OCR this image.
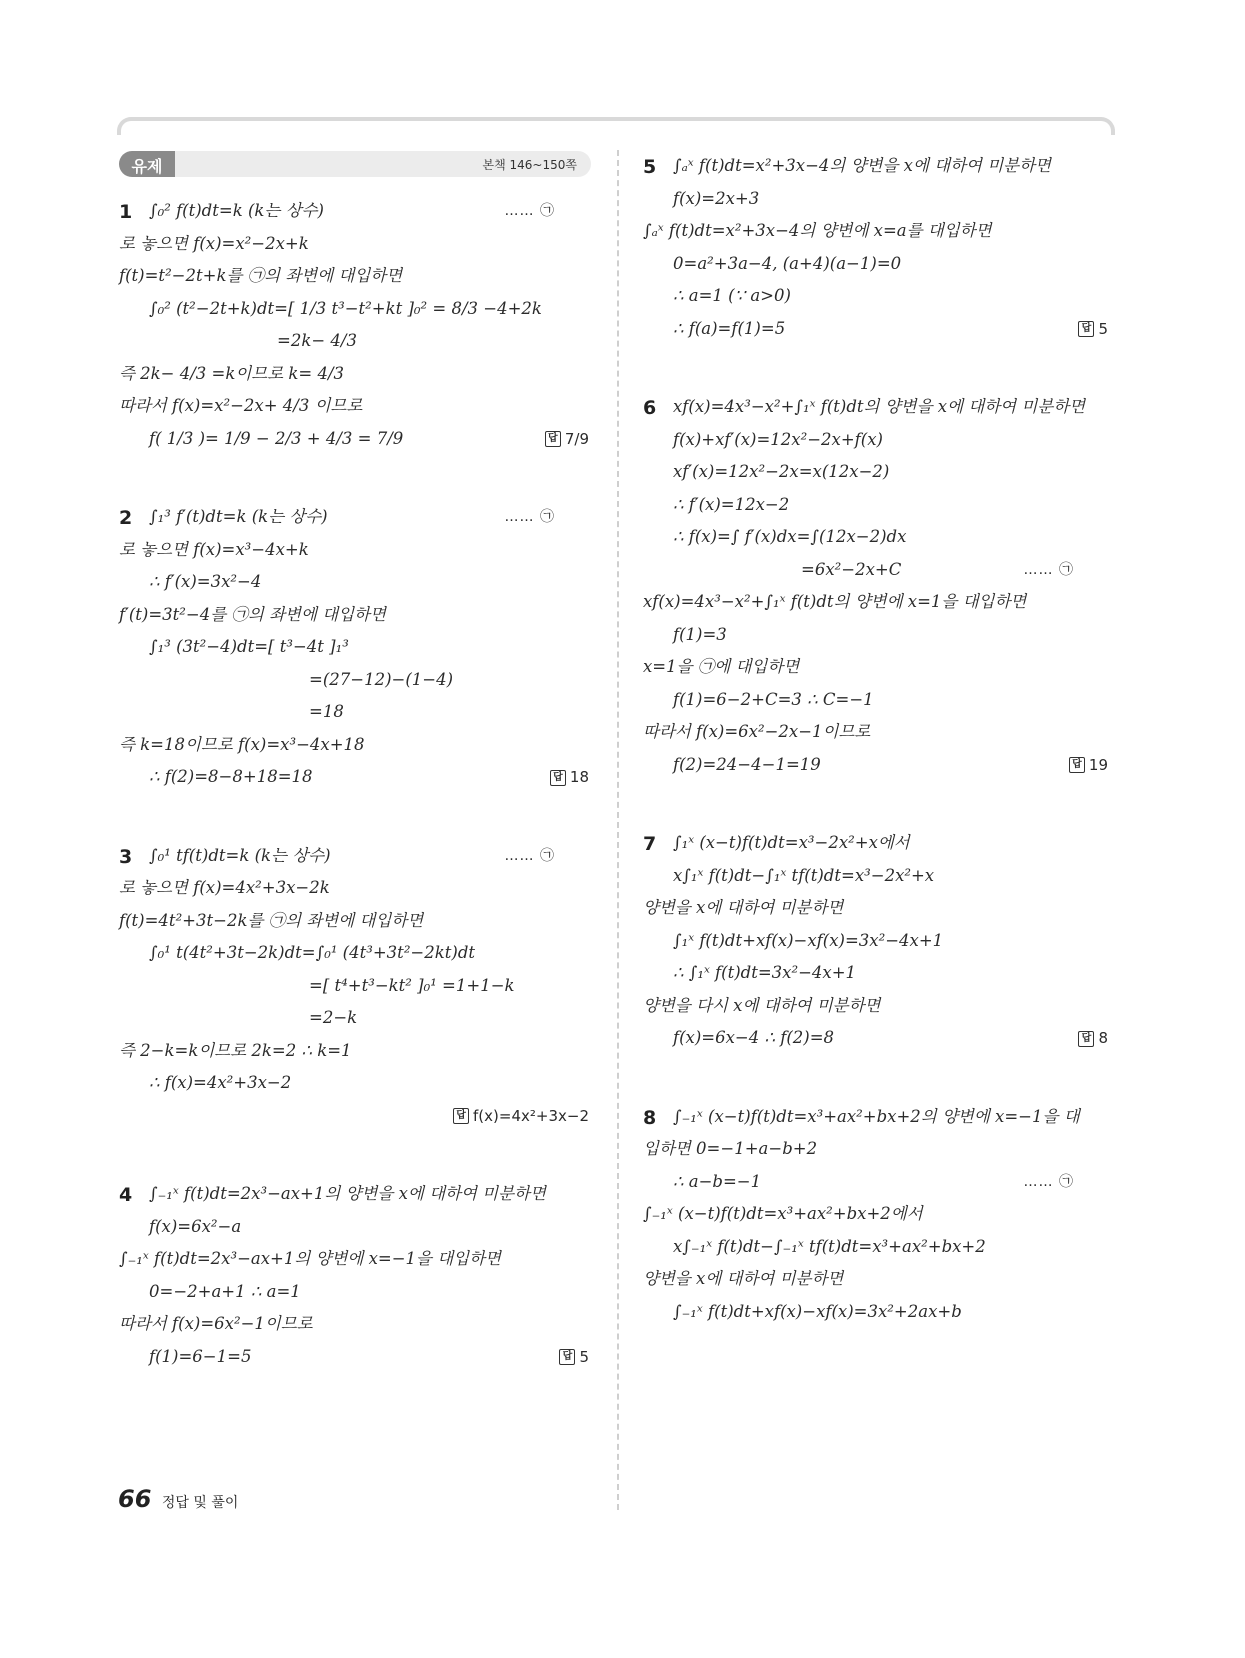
유제	본책 146~150쪽
1	∫₀² f(t)dt=k (k는 상수)	…… ㉠
로 놓으면 f(x)=x²−2x+k
f(t)=t²−2t+k를 ㉠의 좌변에 대입하면
∫₀² (t²−2t+k)dt=[ 1/3 t³−t²+kt ]₀² = 8/3 −4+2k
=2k− 4/3
즉 2k− 4/3 =k이므로 k= 4/3
따라서 f(x)=x²−2x+ 4/3 이므로
f( 1/3 )= 1/9 − 2/3 + 4/3 = 7/9	답 7/9
2	∫₁³ f′(t)dt=k (k는 상수)	…… ㉠
로 놓으면 f(x)=x³−4x+k
∴ f′(x)=3x²−4
f′(t)=3t²−4를 ㉠의 좌변에 대입하면
∫₁³ (3t²−4)dt=[ t³−4t ]₁³
=(27−12)−(1−4)
=18
즉 k=18이므로 f(x)=x³−4x+18
∴ f(2)=8−8+18=18	답 18
3	∫₀¹ tf(t)dt=k (k는 상수)	…… ㉠
로 놓으면 f(x)=4x²+3x−2k
f(t)=4t²+3t−2k를 ㉠의 좌변에 대입하면
∫₀¹ t(4t²+3t−2k)dt=∫₀¹ (4t³+3t²−2kt)dt
=[ t⁴+t³−kt² ]₀¹ =1+1−k
=2−k
즉 2−k=k이므로 2k=2 ∴ k=1
∴ f(x)=4x²+3x−2
답 f(x)=4x²+3x−2
4	∫₋₁ˣ f(t)dt=2x³−ax+1의 양변을 x에 대하여 미분하면
f(x)=6x²−a
∫₋₁ˣ f(t)dt=2x³−ax+1의 양변에 x=−1을 대입하면
0=−2+a+1 ∴ a=1
따라서 f(x)=6x²−1이므로
f(1)=6−1=5	답 5
5	∫ₐˣ f(t)dt=x²+3x−4의 양변을 x에 대하여 미분하면
f(x)=2x+3
∫ₐˣ f(t)dt=x²+3x−4의 양변에 x=a를 대입하면
0=a²+3a−4, (a+4)(a−1)=0
∴ a=1 (∵ a>0)
∴ f(a)=f(1)=5	답 5
6	xf(x)=4x³−x²+∫₁ˣ f(t)dt의 양변을 x에 대하여 미분하면
f(x)+xf′(x)=12x²−2x+f(x)
xf′(x)=12x²−2x=x(12x−2)
∴ f′(x)=12x−2
∴ f(x)=∫ f′(x)dx=∫(12x−2)dx
=6x²−2x+C	…… ㉠
xf(x)=4x³−x²+∫₁ˣ f(t)dt의 양변에 x=1을 대입하면
f(1)=3
x=1을 ㉠에 대입하면
f(1)=6−2+C=3 ∴ C=−1
따라서 f(x)=6x²−2x−1이므로
f(2)=24−4−1=19	답 19
7	∫₁ˣ (x−t)f(t)dt=x³−2x²+x에서
x∫₁ˣ f(t)dt−∫₁ˣ tf(t)dt=x³−2x²+x
양변을 x에 대하여 미분하면
∫₁ˣ f(t)dt+xf(x)−xf(x)=3x²−4x+1
∴ ∫₁ˣ f(t)dt=3x²−4x+1
양변을 다시 x에 대하여 미분하면
f(x)=6x−4 ∴ f(2)=8	답 8
8	∫₋₁ˣ (x−t)f(t)dt=x³+ax²+bx+2의 양변에 x=−1을 대
입하면 0=−1+a−b+2
∴ a−b=−1	…… ㉠
∫₋₁ˣ (x−t)f(t)dt=x³+ax²+bx+2에서
x∫₋₁ˣ f(t)dt−∫₋₁ˣ tf(t)dt=x³+ax²+bx+2
양변을 x에 대하여 미분하면
∫₋₁ˣ f(t)dt+xf(x)−xf(x)=3x²+2ax+b
66 정답 및 풀이
